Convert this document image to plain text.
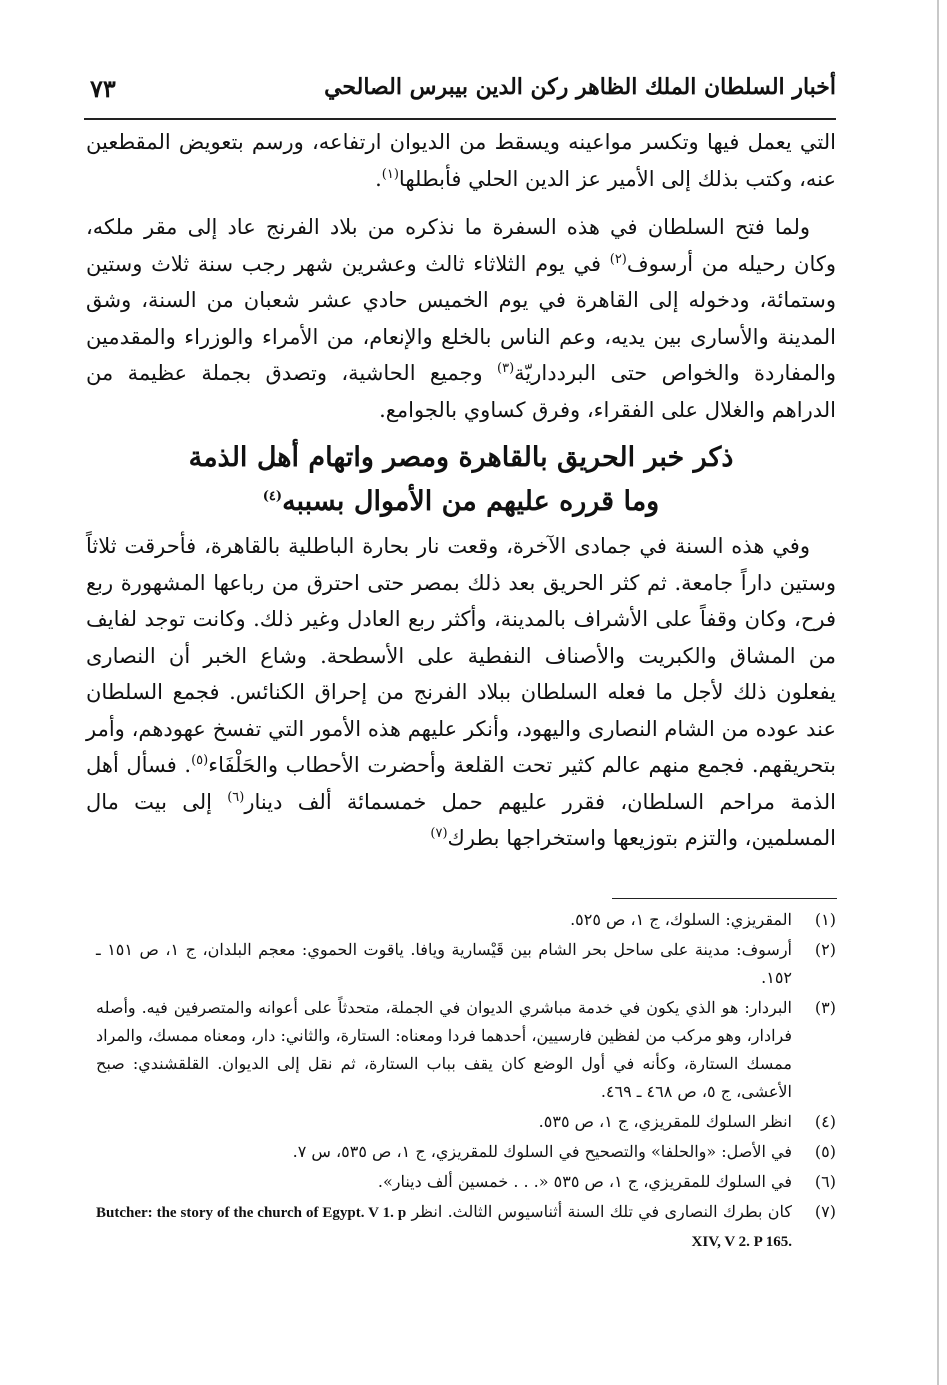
أخبار السلطان الملك الظاهر ركن الدين بيبرس الصالحي
٧٣

التي يعمل فيها وتكسر مواعينه ويسقط من الديوان ارتفاعه، ورسم بتعويض المقطعين عنه، وكتب بذلك إلى الأمير عز الدين الحلي فأبطلها$^{(١)}$.

ولما فتح السلطان في هذه السفرة ما نذكره من بلاد الفرنج عاد إلى مقر ملكه، وكان رحيله من أرسوف$^{(٢)}$ في يوم الثلاثاء ثالث وعشرين شهر رجب سنة ثلاث وستين وستمائة، ودخوله إلى القاهرة في يوم الخميس حادي عشر شعبان من السنة، وشق المدينة والأسارى بين يديه، وعم الناس بالخلع والإنعام، من الأمراء والوزراء والمقدمين والمفاردة والخواص حتى البردداريّة$^{(٣)}$ وجميع الحاشية، وتصدق بجملة عظيمة من الدراهم والغلال على الفقراء، وفرق كساوي بالجوامع.

ذكر خبر الحريق بالقاهرة ومصر واتهام أهل الذمة
وما قرره عليهم من الأموال بسببه$^{(٤)}$

وفي هذه السنة في جمادى الآخرة، وقعت نار بحارة الباطلية بالقاهرة، فأحرقت ثلاثاً وستين داراً جامعة. ثم كثر الحريق بعد ذلك بمصر حتى احترق من رباعها المشهورة ربع فرح، وكان وقفاً على الأشراف بالمدينة، وأكثر ربع العادل وغير ذلك. وكانت توجد لفايف من المشاق والكبريت والأصناف النفطية على الأسطحة. وشاع الخبر أن النصارى يفعلون ذلك لأجل ما فعله السلطان ببلاد الفرنج من إحراق الكنائس. فجمع السلطان عند عوده من الشام النصارى واليهود، وأنكر عليهم هذه الأمور التي تفسخ عهودهم، وأمر بتحريقهم. فجمع منهم عالم كثير تحت القلعة وأحضرت الأحطاب والحَلْفَاء$^{(٥)}$. فسأل أهل الذمة مراحم السلطان، فقرر عليهم حمل خمسمائة ألف دينار$^{(٦)}$ إلى بيت مال المسلمين، والتزم بتوزيعها واستخراجها بطرك$^{(٧)}$

(١)
المقريزي: السلوك، ج ١، ص ٥٢٥.
(٢)
أرسوف: مدينة على ساحل بحر الشام بين قَيْسارية ويافا. ياقوت الحموي: معجم البلدان، ج ١، ص ١٥١ ـ ١٥٢.
(٣)
البردار: هو الذي يكون في خدمة مباشري الديوان في الجملة، متحدثاً على أعوانه والمتصرفين فيه. وأصله فرادار، وهو مركب من لفظين فارسيين، أحدهما فردا ومعناه: الستارة، والثاني: دار، ومعناه ممسك، والمراد ممسك الستارة، وكأنه في أول الوضع كان يقف بباب الستارة، ثم نقل إلى الديوان. القلقشندي: صبح الأعشى، ج ٥، ص ٤٦٨ ـ ٤٦٩.
(٤)
انظر السلوك للمقريزي، ج ١، ص ٥٣٥.
(٥)
في الأصل: «والحلفا» والتصحيح في السلوك للمقريزي، ج ١، ص ٥٣٥، س ٧.
(٦)
في السلوك للمقريزي، ج ١، ص ٥٣٥ «. . . خمسين ألف دينار».
(٧)
كان بطرك النصارى في تلك السنة أثناسيوس الثالث. انظر Butcher: the story of the church of Egypt. V 1. p XIV, V 2. P 165.
